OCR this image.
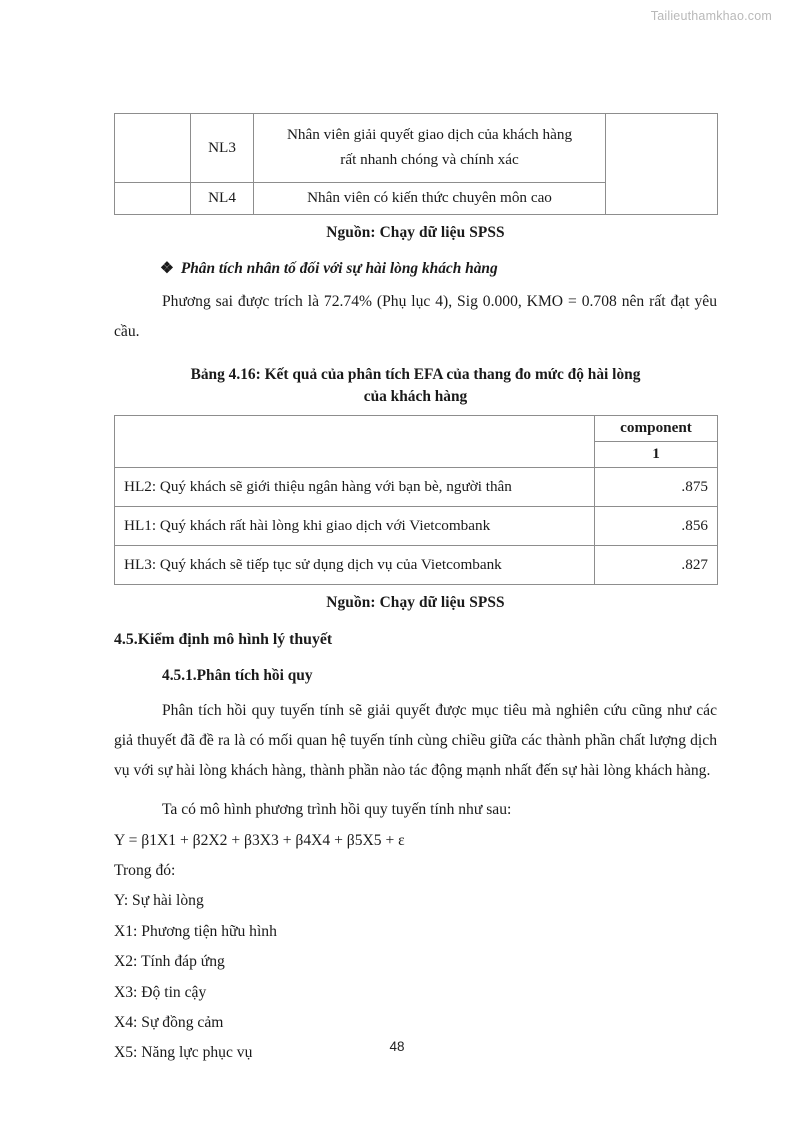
Tailieuthamkhao.com
	NL3	Nhân viên giải quyết giao dịch của khách hàng
rất nhanh chóng và chính xác	

	NL4	Nhân viên có kiến thức chuyên môn cao	
Nguồn: Chạy dữ liệu SPSS
❖ Phân tích nhân tố đối với sự hài lòng khách hàng

Phương sai được trích là 72.74% (Phụ lục 4), Sig 0.000, KMO = 0.708 nên rất đạt yêu cầu.

Bảng 4.16: Kết quả của phân tích EFA của thang đo mức độ hài lòng
của khách hàng
	component
	1
HL2: Quý khách sẽ giới thiệu ngân hàng với bạn bè, người thân	.875
HL1: Quý khách rất hài lòng khi giao dịch với Vietcombank	.856
HL3: Quý khách sẽ tiếp tục sử dụng dịch vụ của Vietcombank	.827
Nguồn: Chạy dữ liệu SPSS
4.5.Kiểm định mô hình lý thuyết
4.5.1.Phân tích hồi quy

Phân tích hồi quy tuyến tính sẽ giải quyết được mục tiêu mà nghiên cứu cũng như các giả thuyết đã đề ra là có mối quan hệ tuyến tính cùng chiều giữa các thành phần chất lượng dịch vụ với sự hài lòng khách hàng, thành phần nào tác động mạnh nhất đến sự hài lòng khách hàng.

Ta có mô hình phương trình hồi quy tuyến tính như sau:

Y = β1X1 + β2X2 + β3X3 + β4X4 + β5X5 + ε

Trong đó:

Y: Sự hài lòng
X1: Phương tiện hữu hình
X2: Tính đáp ứng
X3: Độ tin cậy
X4: Sự đồng cảm
X5: Năng lực phục vụ	48
